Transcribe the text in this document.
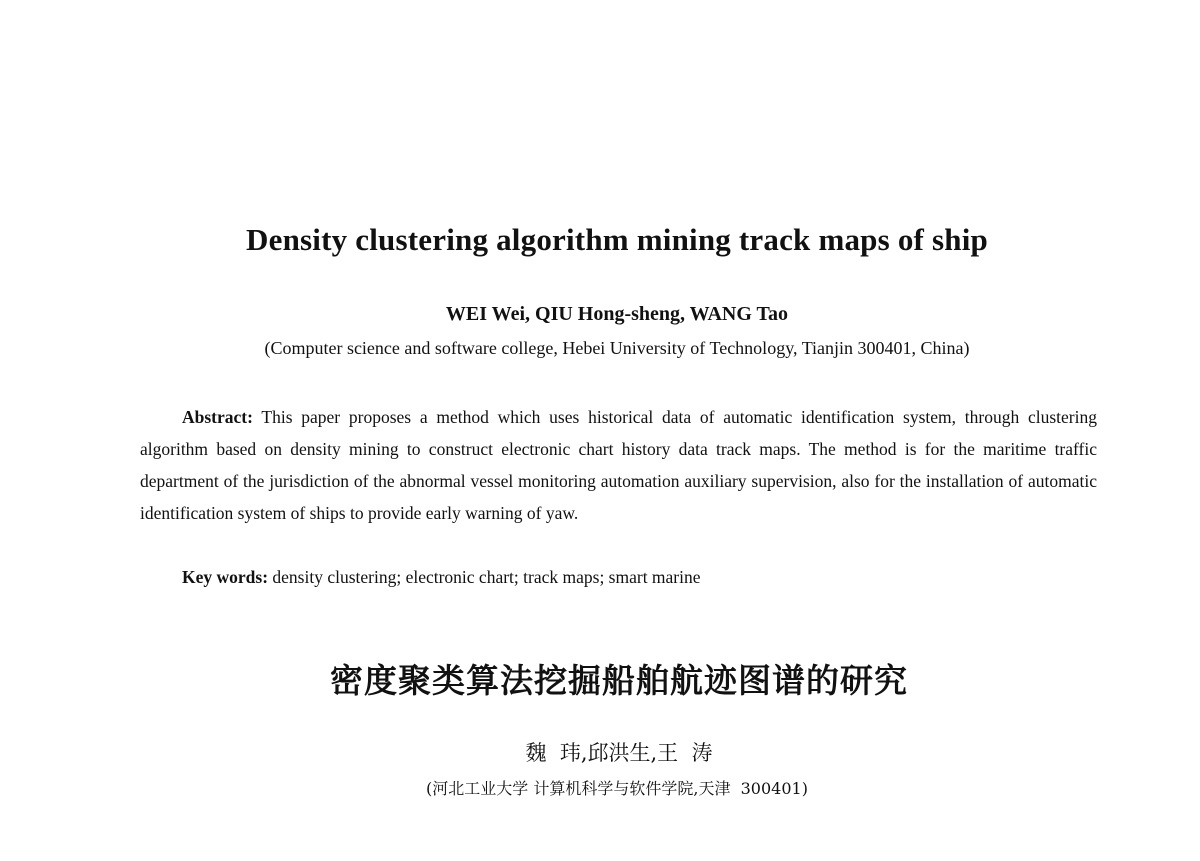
Density clustering algorithm mining track maps of ship
WEI Wei, QIU Hong-sheng, WANG Tao
(Computer science and software college, Hebei University of Technology, Tianjin 300401, China)
Abstract: This paper proposes a method which uses historical data of automatic identification system, through clustering algorithm based on density mining to construct electronic chart history data track maps. The method is for the maritime traffic department of the jurisdiction of the abnormal vessel monitoring automation auxiliary supervision, also for the installation of automatic identification system of ships to provide early warning of yaw.
Key words: density clustering; electronic chart; track maps; smart marine
密度聚类算法挖掘船舶航迹图谱的研究
魏  玮,邱洪生,王  涛
(河北工业大学 计算机科学与软件学院,天津  300401)
